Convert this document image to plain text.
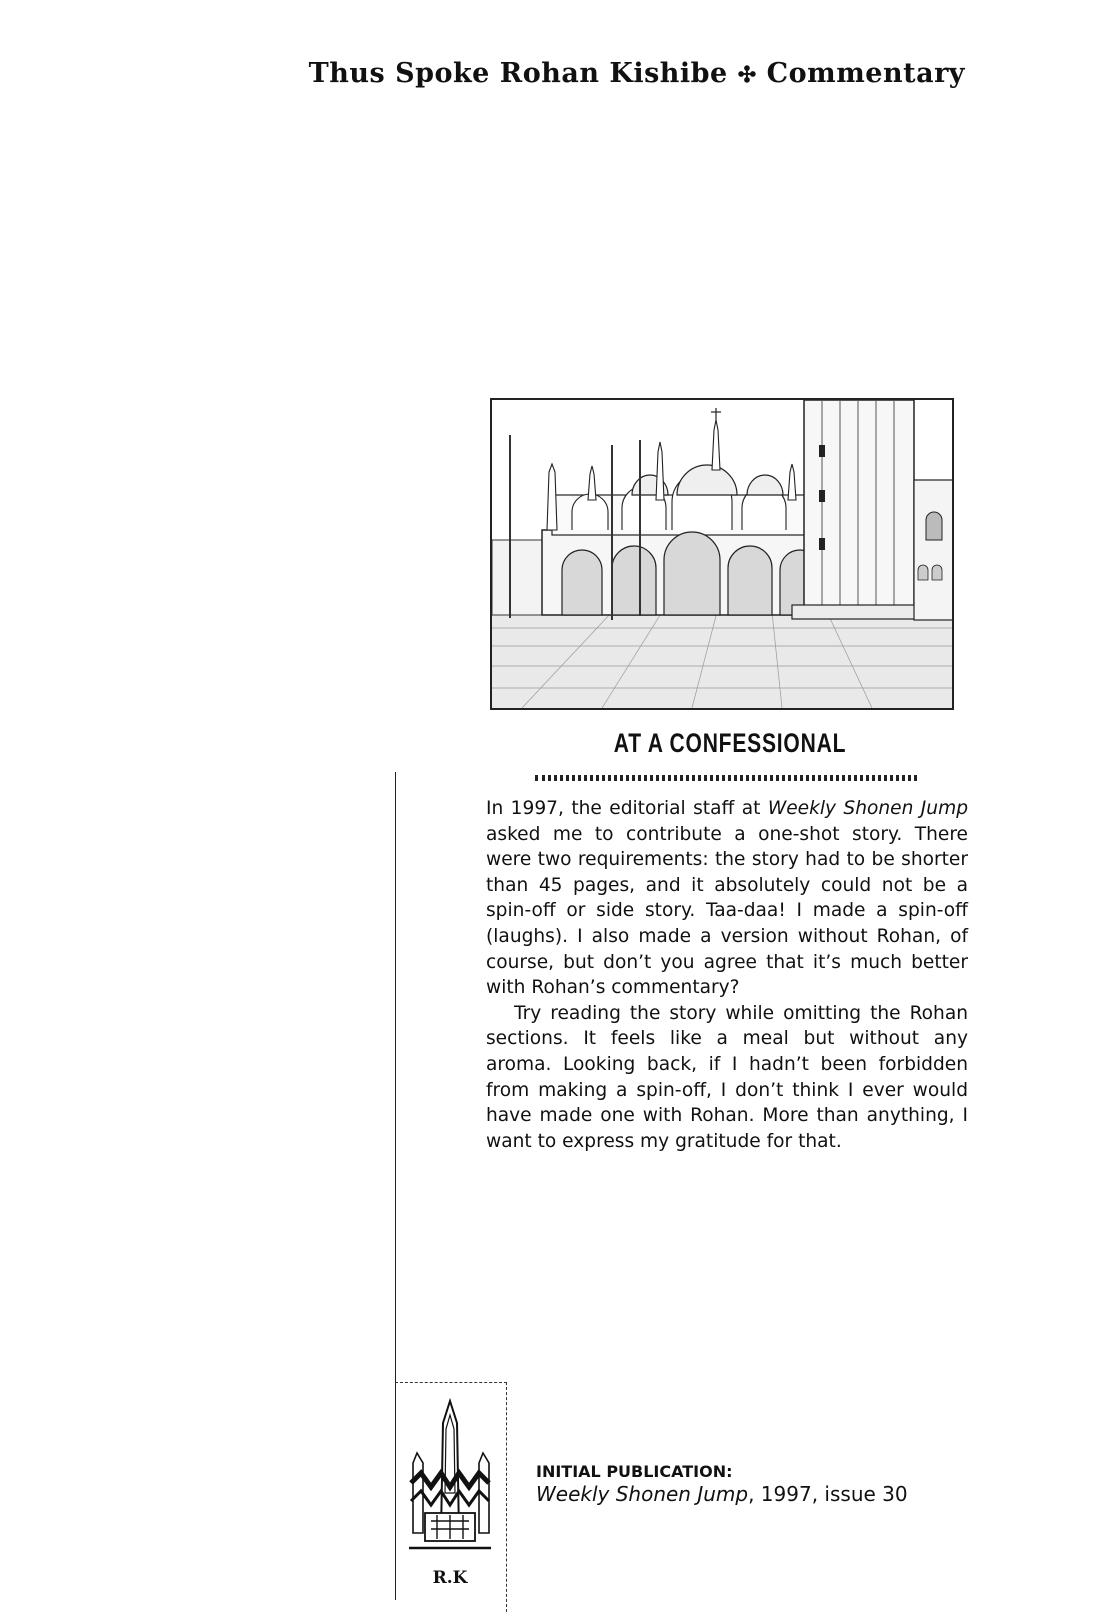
Thus Spoke Rohan Kishibe ✣ Commentary
AT A CONFESSIONAL

In 1997, the editorial staff at Weekly Shonen Jump asked me to contribute a one-shot story. There were two requirements: the story had to be shorter than 45 pages, and it absolutely could not be a spin-off or side story. Taa-daa! I made a spin-off (laughs). I also made a version without Rohan, of course, but don’t you agree that it’s much better with Rohan’s commentary?

Try reading the story while omitting the Rohan sections. It feels like a meal but without any aroma. Looking back, if I hadn’t been forbidden from making a spin-off, I don’t think I ever would have made one with Rohan. More than anything, I want to express my gratitude for that.

R.K
INITIAL PUBLICATION:
Weekly Shonen Jump, 1997, issue 30
